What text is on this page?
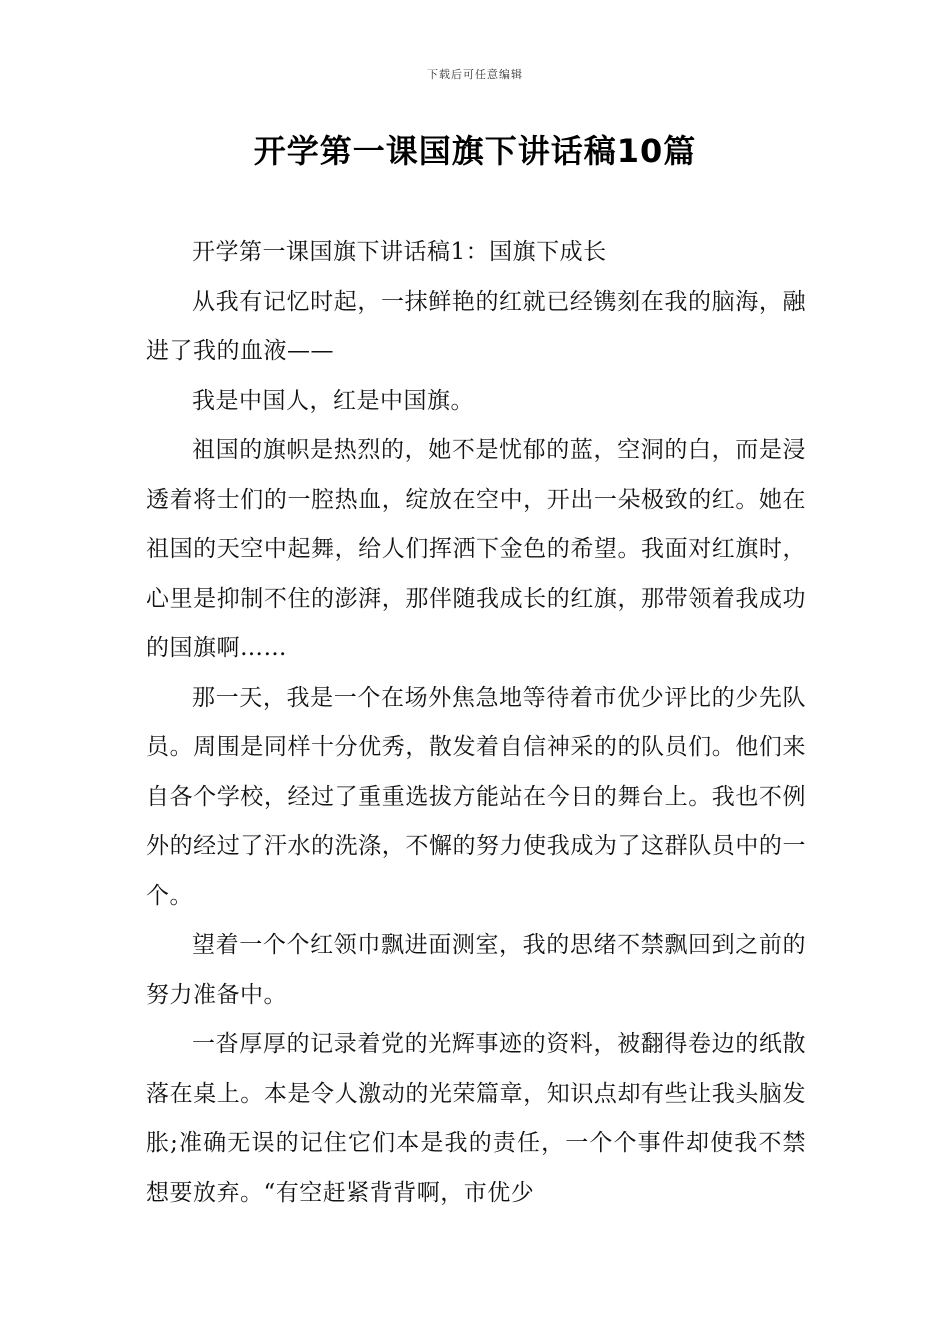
下载后可任意编辑
开学第一课国旗下讲话稿10篇

开学第一课国旗下讲话稿1：国旗下成长

从我有记忆时起，一抹鲜艳的红就已经镌刻在我的脑海，融进了我的血液——

我是中国人，红是中国旗。

祖国的旗帜是热烈的，她不是忧郁的蓝，空洞的白，而是浸透着将士们的一腔热血，绽放在空中，开出一朵极致的红。她在祖国的天空中起舞，给人们挥洒下金色的希望。我面对红旗时，心里是抑制不住的澎湃，那伴随我成长的红旗，那带领着我成功的国旗啊……

那一天，我是一个在场外焦急地等待着市优少评比的少先队员。周围是同样十分优秀，散发着自信神采的的队员们。他们来自各个学校，经过了重重选拔方能站在今日的舞台上。我也不例外的经过了汗水的洗涤，不懈的努力使我成为了这群队员中的一个。

望着一个个红领巾飘进面测室，我的思绪不禁飘回到之前的努力准备中。

一沓厚厚的记录着党的光辉事迹的资料，被翻得卷边的纸散落在桌上。本是令人激动的光荣篇章，知识点却有些让我头脑发胀;准确无误的记住它们本是我的责任，一个个事件却使我不禁想要放弃。“有空赶紧背背啊，市优少
